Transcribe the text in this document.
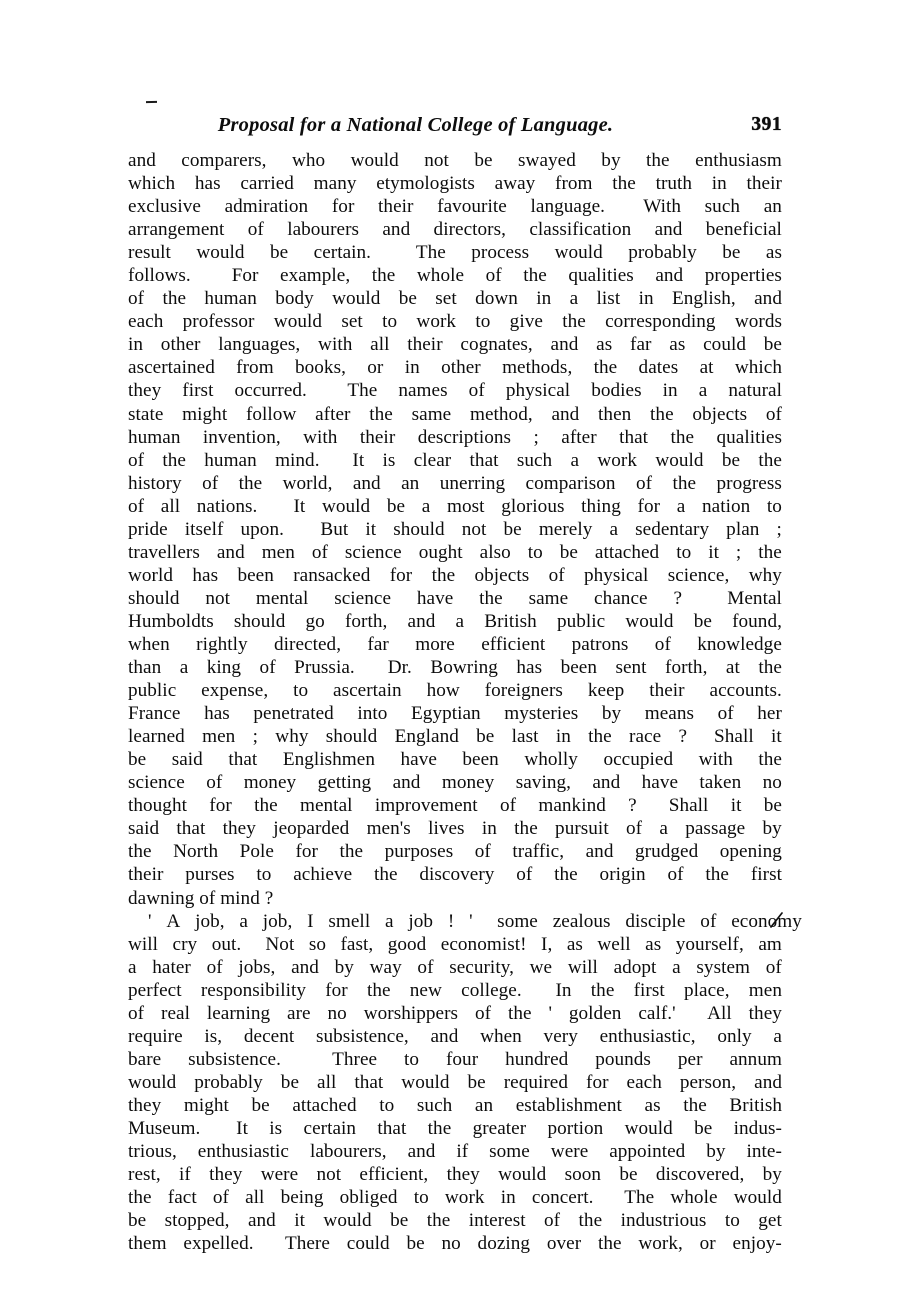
Proposal for a National College of Language.	391
and comparers, who would not be swayed by the enthusiasm
which has carried many etymologists away from the truth in their
exclusive admiration for their favourite language. With such an
arrangement of labourers and directors, classification and beneficial
result would be certain. The process would probably be as
follows. For example, the whole of the qualities and properties
of the human body would be set down in a list in English, and
each professor would set to work to give the corresponding words
in other languages, with all their cognates, and as far as could be
ascertained from books, or in other methods, the dates at which
they first occurred. The names of physical bodies in a natural
state might follow after the same method, and then the objects of
human invention, with their descriptions ; after that the qualities
of the human mind. It is clear that such a work would be the
history of the world, and an unerring comparison of the progress
of all nations. It would be a most glorious thing for a nation to
pride itself upon. But it should not be merely a sedentary plan ;
travellers and men of science ought also to be attached to it ; the
world has been ransacked for the objects of physical science, why
should not mental science have the same chance ? Mental
Humboldts should go forth, and a British public would be found,
when rightly directed, far more efficient patrons of knowledge
than a king of Prussia. Dr. Bowring has been sent forth, at the
public expense, to ascertain how foreigners keep their accounts.
France has penetrated into Egyptian mysteries by means of her
learned men ; why should England be last in the race ? Shall it
be said that Englishmen have been wholly occupied with the
science of money getting and money saving, and have taken no
thought for the mental improvement of mankind ? Shall it be
said that they jeoparded men's lives in the pursuit of a passage by
the North Pole for the purposes of traffic, and grudged opening
their purses to achieve the discovery of the origin of the first
dawning of mind ?
' A job, a job, I smell a job ! ' some zealous disciple of economy
will cry out. Not so fast, good economist! I, as well as yourself, am
a hater of jobs, and by way of security, we will adopt a system of
perfect responsibility for the new college. In the first place, men
of real learning are no worshippers of the ' golden calf.' All they
require is, decent subsistence, and when very enthusiastic, only a
bare subsistence. Three to four hundred pounds per annum
would probably be all that would be required for each person, and
they might be attached to such an establishment as the British
Museum. It is certain that the greater portion would be indus-
trious, enthusiastic labourers, and if some were appointed by inte-
rest, if they were not efficient, they would soon be discovered, by
the fact of all being obliged to work in concert. The whole would
be stopped, and it would be the interest of the industrious to get
them expelled. There could be no dozing over the work, or enjoy-
